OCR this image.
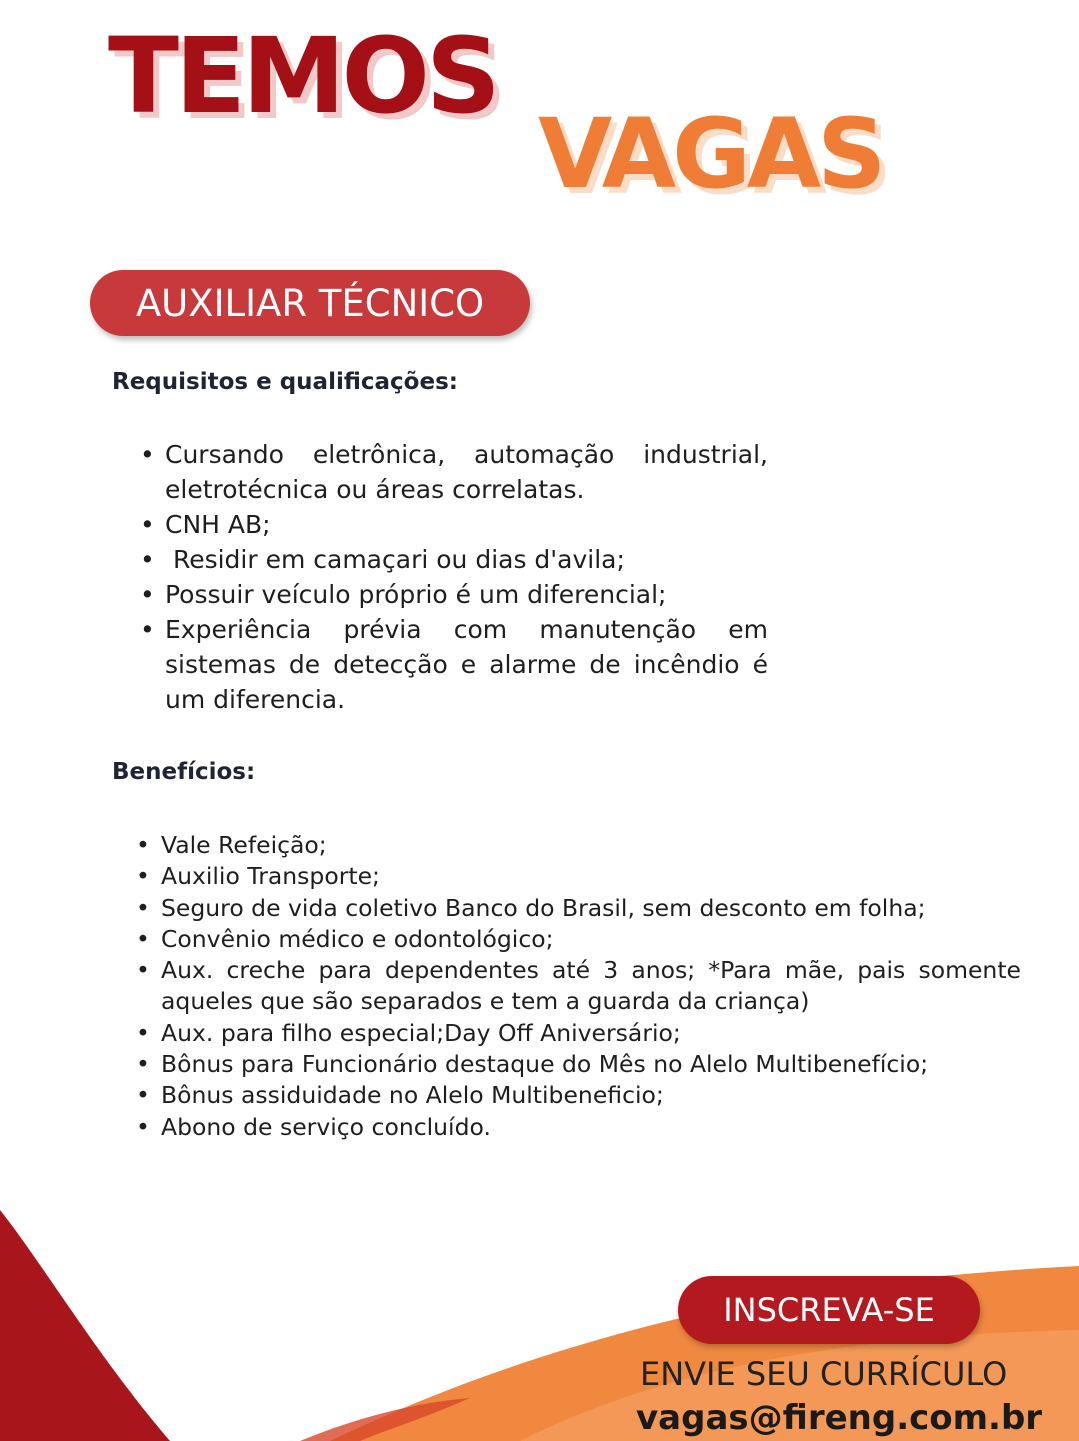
TEMOS
VAGAS
AUXILIAR TÉCNICO
Requisitos e qualificações:
• Cursando eletrônica, automação industrial, eletrotécnica ou áreas correlatas.
• CNH AB;
•  Residir em camaçari ou dias d'avila;
• Possuir veículo próprio é um diferencial;
• Experiência prévia com manutenção em sistemas de detecção e alarme de incêndio é um diferencia.
Benefícios:
• Vale Refeição;
• Auxilio Transporte;
• Seguro de vida coletivo Banco do Brasil, sem desconto em folha;
• Convênio médico e odontológico;
• Aux. creche para dependentes até 3 anos; *Para mãe, pais somente aqueles que são separados e tem a guarda da criança)
• Aux. para filho especial;Day Off Aniversário;
• Bônus para Funcionário destaque do Mês no Alelo Multibenefício;
• Bônus assiduidade no Alelo Multibeneficio;
• Abono de serviço concluído.
INSCREVA-SE
ENVIE SEU CURRÍCULO
vagas@fireng.com.br
